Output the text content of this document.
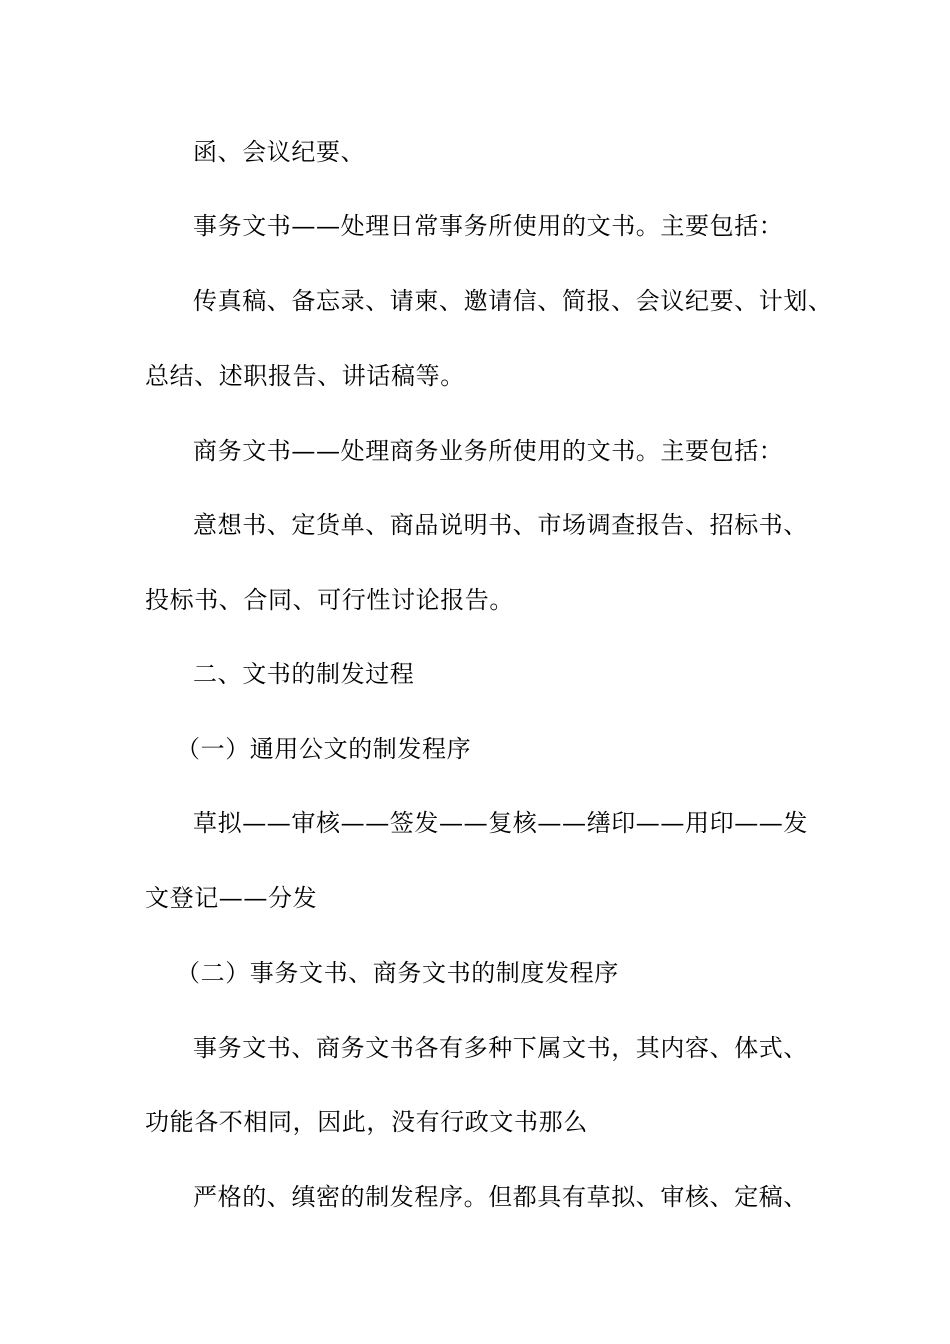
函、会议纪要、
事务文书——处理日常事务所使用的文书。主要包括：
传真稿、备忘录、请柬、邀请信、简报、会议纪要、计划、
总结、述职报告、讲话稿等。
商务文书——处理商务业务所使用的文书。主要包括：
意想书、定货单、商品说明书、市场调查报告、招标书、
投标书、合同、可行性讨论报告。
二、文书的制发过程
（一）通用公文的制发程序
草拟——审核——签发——复核——缮印——用印——发
文登记——分发
（二）事务文书、商务文书的制度发程序
事务文书、商务文书各有多种下属文书，其内容、体式、
功能各不相同，因此，没有行政文书那么
严格的、缜密的制发程序。但都具有草拟、审核、定稿、
